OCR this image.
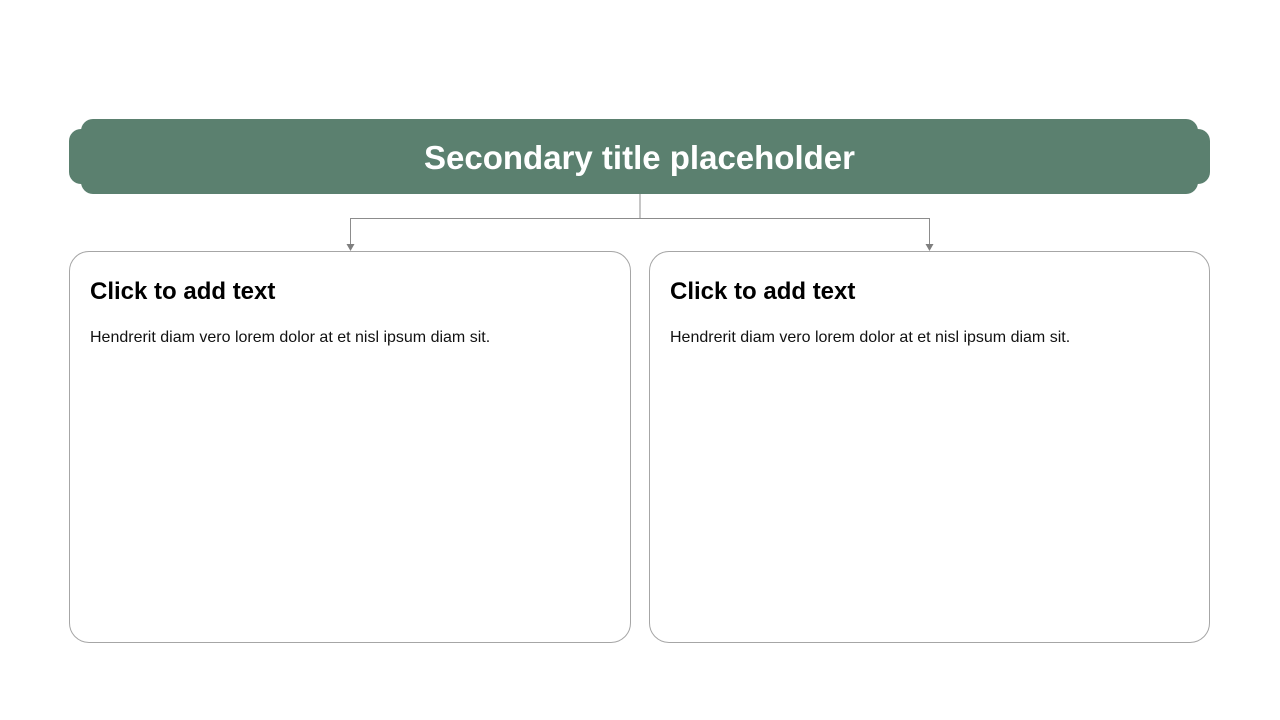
Secondary title placeholder
Click to add text

Hendrerit diam vero lorem dolor at et nisl ipsum diam sit.

Click to add text

Hendrerit diam vero lorem dolor at et nisl ipsum diam sit.
